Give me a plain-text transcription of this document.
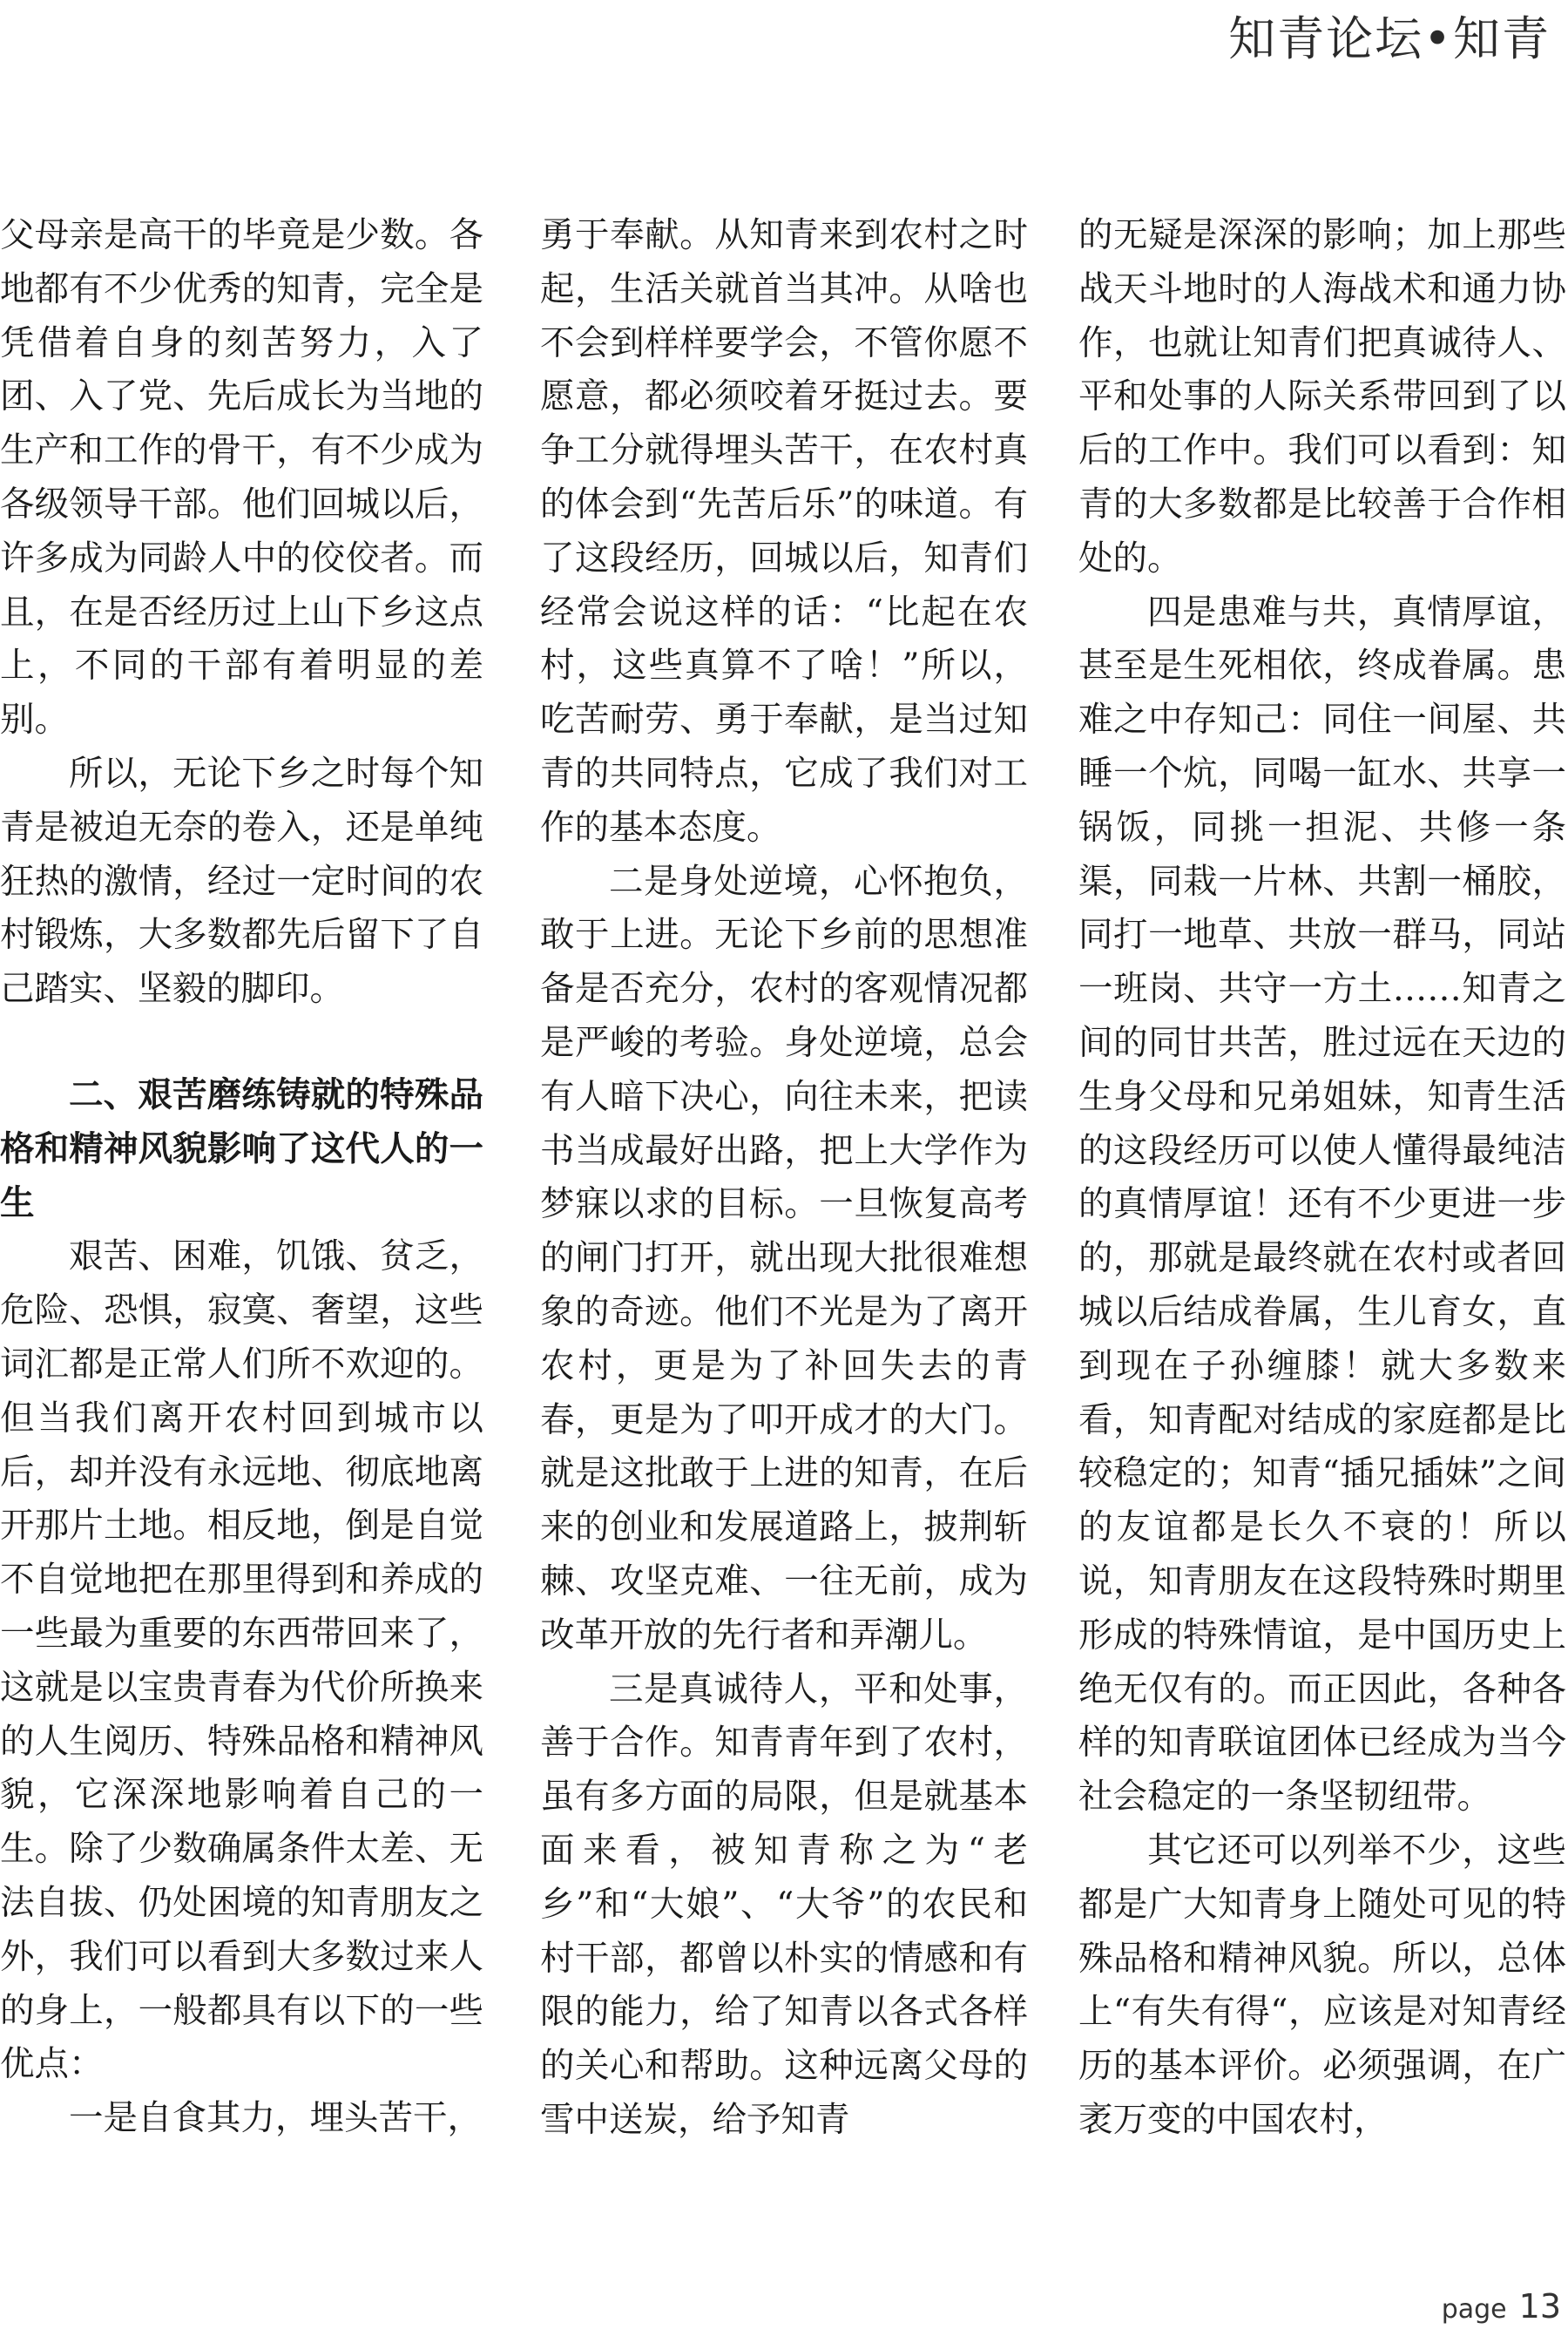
知青论坛•知青

父母亲是高干的毕竟是少数。各地都有不少优秀的知青，完全是凭借着自身的刻苦努力，入了团、入了党、先后成长为当地的生产和工作的骨干，有不少成为各级领导干部。他们回城以后，许多成为同龄人中的佼佼者。而且，在是否经历过上山下乡这点上，不同的干部有着明显的差别。

所以，无论下乡之时每个知青是被迫无奈的卷入，还是单纯狂热的激情，经过一定时间的农村锻炼，大多数都先后留下了自己踏实、坚毅的脚印。

二、艰苦磨练铸就的特殊品格和精神风貌影响了这代人的一生

艰苦、困难，饥饿、贫乏，危险、恐惧，寂寞、奢望，这些词汇都是正常人们所不欢迎的。但当我们离开农村回到城市以后，却并没有永远地、彻底地离开那片土地。相反地，倒是自觉不自觉地把在那里得到和养成的一些最为重要的东西带回来了，这就是以宝贵青春为代价所换来的人生阅历、特殊品格和精神风貌，它深深地影响着自己的一生。除了少数确属条件太差、无法自拔、仍处困境的知青朋友之外，我们可以看到大多数过来人的身上，一般都具有以下的一些优点：

一是自食其力，埋头苦干，

勇于奉献。从知青来到农村之时起，生活关就首当其冲。从啥也不会到样样要学会，不管你愿不愿意，都必须咬着牙挺过去。要争工分就得埋头苦干，在农村真的体会到“先苦后乐”的味道。有了这段经历，回城以后，知青们经常会说这样的话：“比起在农村，这些真算不了啥！”所以，吃苦耐劳、勇于奉献，是当过知青的共同特点，它成了我们对工作的基本态度。

二是身处逆境，心怀抱负，敢于上进。无论下乡前的思想准备是否充分，农村的客观情况都是严峻的考验。身处逆境，总会有人暗下决心，向往未来，把读书当成最好出路，把上大学作为梦寐以求的目标。一旦恢复高考的闸门打开，就出现大批很难想象的奇迹。他们不光是为了离开农村，更是为了补回失去的青春，更是为了叩开成才的大门。就是这批敢于上进的知青，在后来的创业和发展道路上，披荆斩棘、攻坚克难、一往无前，成为改革开放的先行者和弄潮儿。

三是真诚待人，平和处事，善于合作。知青青年到了农村，虽有多方面的局限，但是就基本面来看，被知青称之为“老乡”和“大娘”、“大爷”的农民和村干部，都曾以朴实的情感和有限的能力，给了知青以各式各样的关心和帮助。这种远离父母的雪中送炭，给予知青

的无疑是深深的影响；加上那些战天斗地时的人海战术和通力协作，也就让知青们把真诚待人、平和处事的人际关系带回到了以后的工作中。我们可以看到：知青的大多数都是比较善于合作相处的。

四是患难与共，真情厚谊，甚至是生死相依，终成眷属。患难之中存知己：同住一间屋、共睡一个炕，同喝一缸水、共享一锅饭，同挑一担泥、共修一条渠，同栽一片林、共割一桶胶，同打一地草、共放一群马，同站一班岗、共守一方土……知青之间的同甘共苦，胜过远在天边的生身父母和兄弟姐妹，知青生活的这段经历可以使人懂得最纯洁的真情厚谊！还有不少更进一步的，那就是最终就在农村或者回城以后结成眷属，生儿育女，直到现在子孙缠膝！就大多数来看，知青配对结成的家庭都是比较稳定的；知青“插兄插妹”之间的友谊都是长久不衰的！所以说，知青朋友在这段特殊时期里形成的特殊情谊，是中国历史上绝无仅有的。而正因此，各种各样的知青联谊团体已经成为当今社会稳定的一条坚韧纽带。

其它还可以列举不少，这些都是广大知青身上随处可见的特殊品格和精神风貌。所以，总体上“有失有得“，应该是对知青经历的基本评价。必须强调，在广袤万变的中国农村，

page 13
